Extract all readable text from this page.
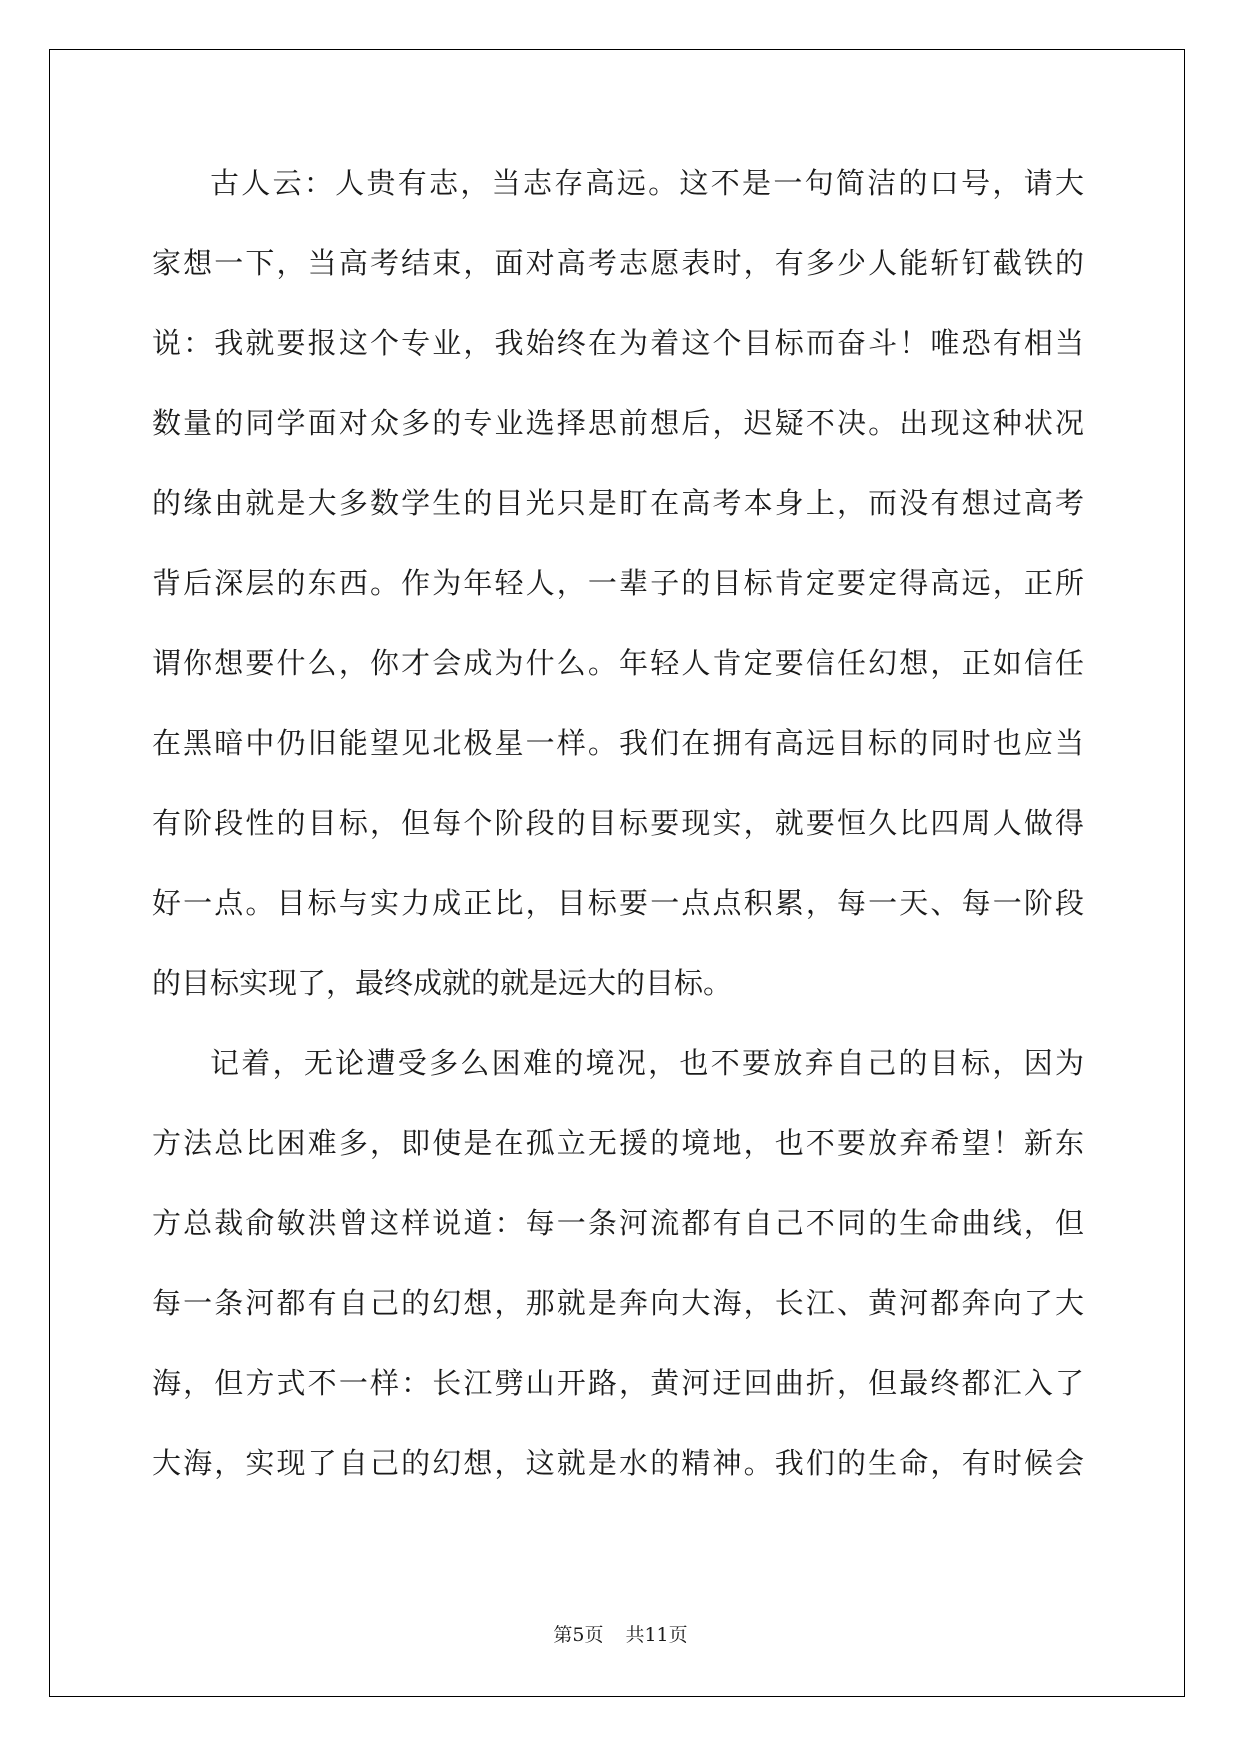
古人云：人贵有志，当志存高远。这不是一句简洁的口号，请大

家想一下，当高考结束，面对高考志愿表时，有多少人能斩钉截铁的

说：我就要报这个专业，我始终在为着这个目标而奋斗！唯恐有相当

数量的同学面对众多的专业选择思前想后，迟疑不决。出现这种状况

的缘由就是大多数学生的目光只是盯在高考本身上，而没有想过高考

背后深层的东西。作为年轻人，一辈子的目标肯定要定得高远，正所

谓你想要什么，你才会成为什么。年轻人肯定要信任幻想，正如信任

在黑暗中仍旧能望见北极星一样。我们在拥有高远目标的同时也应当

有阶段性的目标，但每个阶段的目标要现实，就要恒久比四周人做得

好一点。目标与实力成正比，目标要一点点积累，每一天、每一阶段

的目标实现了，最终成就的就是远大的目标。

记着，无论遭受多么困难的境况，也不要放弃自己的目标，因为

方法总比困难多，即使是在孤立无援的境地，也不要放弃希望！新东

方总裁俞敏洪曾这样说道：每一条河流都有自己不同的生命曲线，但

每一条河都有自己的幻想，那就是奔向大海，长江、黄河都奔向了大

海，但方式不一样：长江劈山开路，黄河迂回曲折，但最终都汇入了

大海，实现了自己的幻想，这就是水的精神。我们的生命，有时候会

第5页 共11页
